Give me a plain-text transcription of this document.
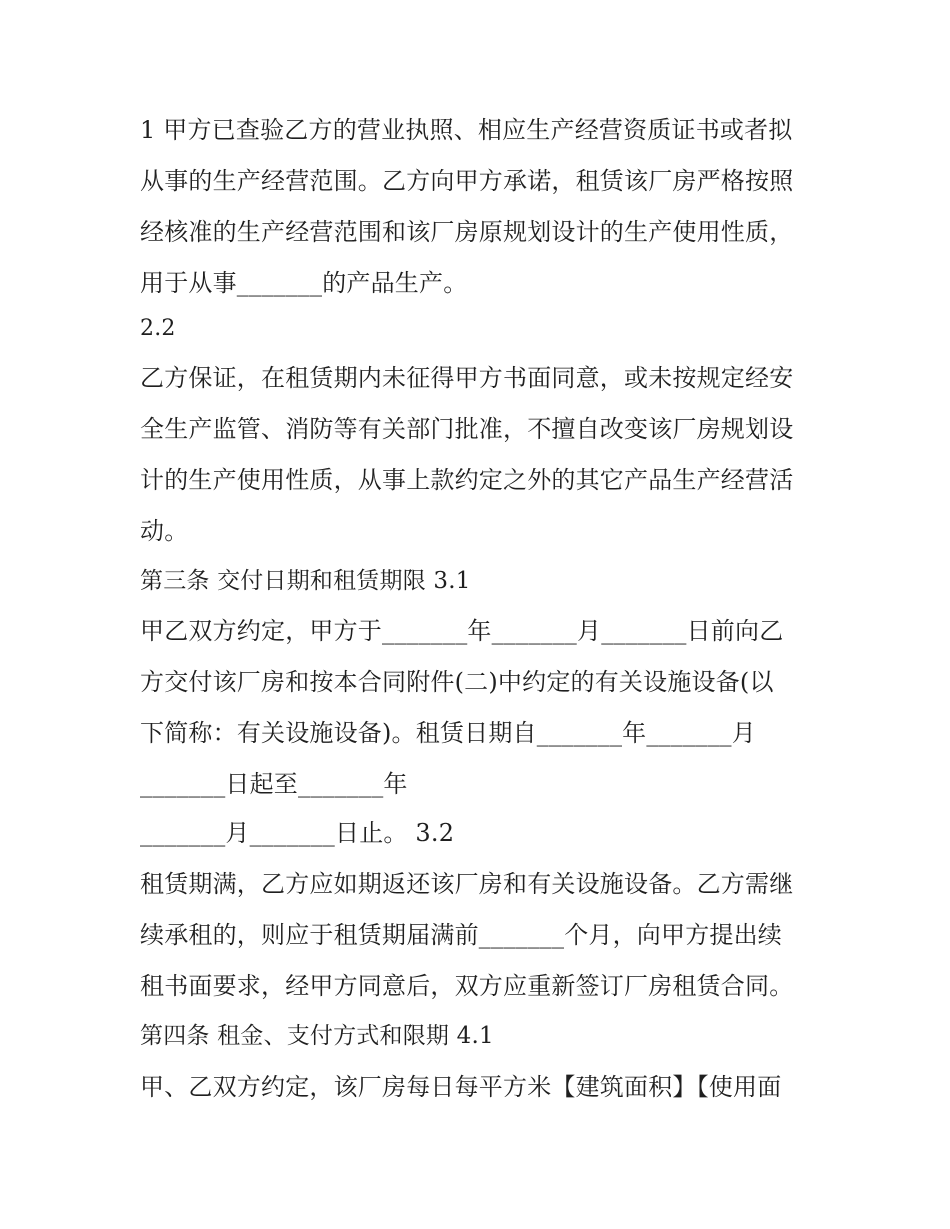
1 甲方已查验乙方的营业执照、相应生产经营资质证书或者拟
从事的生产经营范围。乙方向甲方承诺，租赁该厂房严格按照
经核准的生产经营范围和该厂房原规划设计的生产使用性质，
用于从事_______的产品生产。
2.2
乙方保证，在租赁期内未征得甲方书面同意，或未按规定经安
全生产监管、消防等有关部门批准，不擅自改变该厂房规划设
计的生产使用性质，从事上款约定之外的其它产品生产经营活
动。
第三条 交付日期和租赁期限 3.1
甲乙双方约定，甲方于_______年_______月_______日前向乙
方交付该厂房和按本合同附件(二)中约定的有关设施设备(以
下简称：有关设施设备)。租赁日期自_______年_______月
_______日起至_______年
_______月_______日止。 3.2
租赁期满，乙方应如期返还该厂房和有关设施设备。乙方需继
续承租的，则应于租赁期届满前_______个月，向甲方提出续
租书面要求，经甲方同意后，双方应重新签订厂房租赁合同。
第四条 租金、支付方式和限期 4.1
甲、乙双方约定，该厂房每日每平方米【建筑面积】【使用面
